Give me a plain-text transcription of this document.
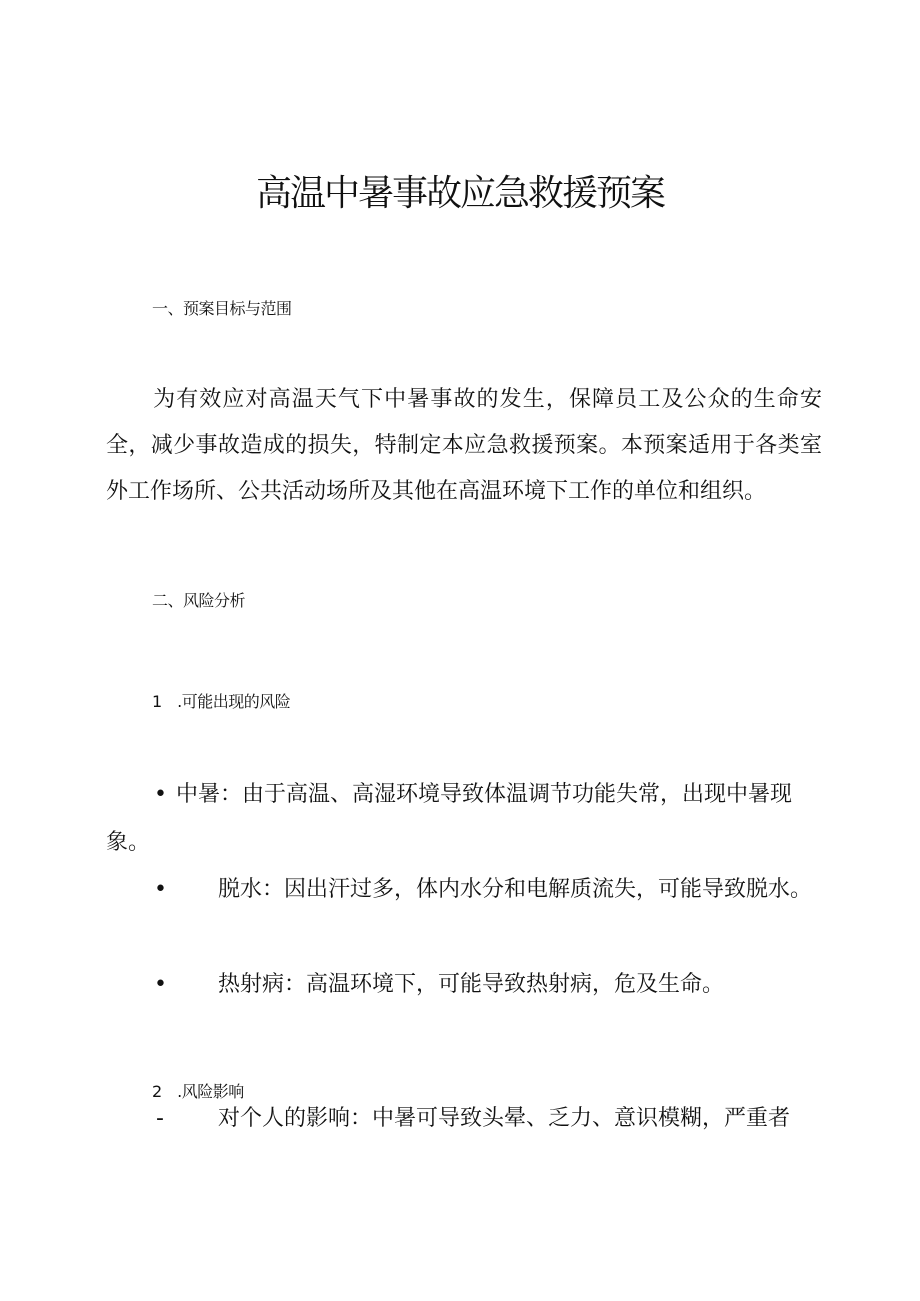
高温中暑事故应急救援预案
一、预案目标与范围

为有效应对高温天气下中暑事故的发生，保障员工及公众的生命安全，减少事故造成的损失，特制定本应急救援预案。本预案适用于各类室外工作场所、公共活动场所及其他在高温环境下工作的单位和组织。

二、风险分析
1 .可能出现的风险
• 中暑：由于高温、高湿环境导致体温调节功能失常，出现中暑现象。
•	脱水：因出汗过多，体内水分和电解质流失，可能导致脱水。
•	热射病：高温环境下，可能导致热射病，危及生命。
2 .风险影响
-	对个人的影响：中暑可导致头晕、乏力、意识模糊，严重者
